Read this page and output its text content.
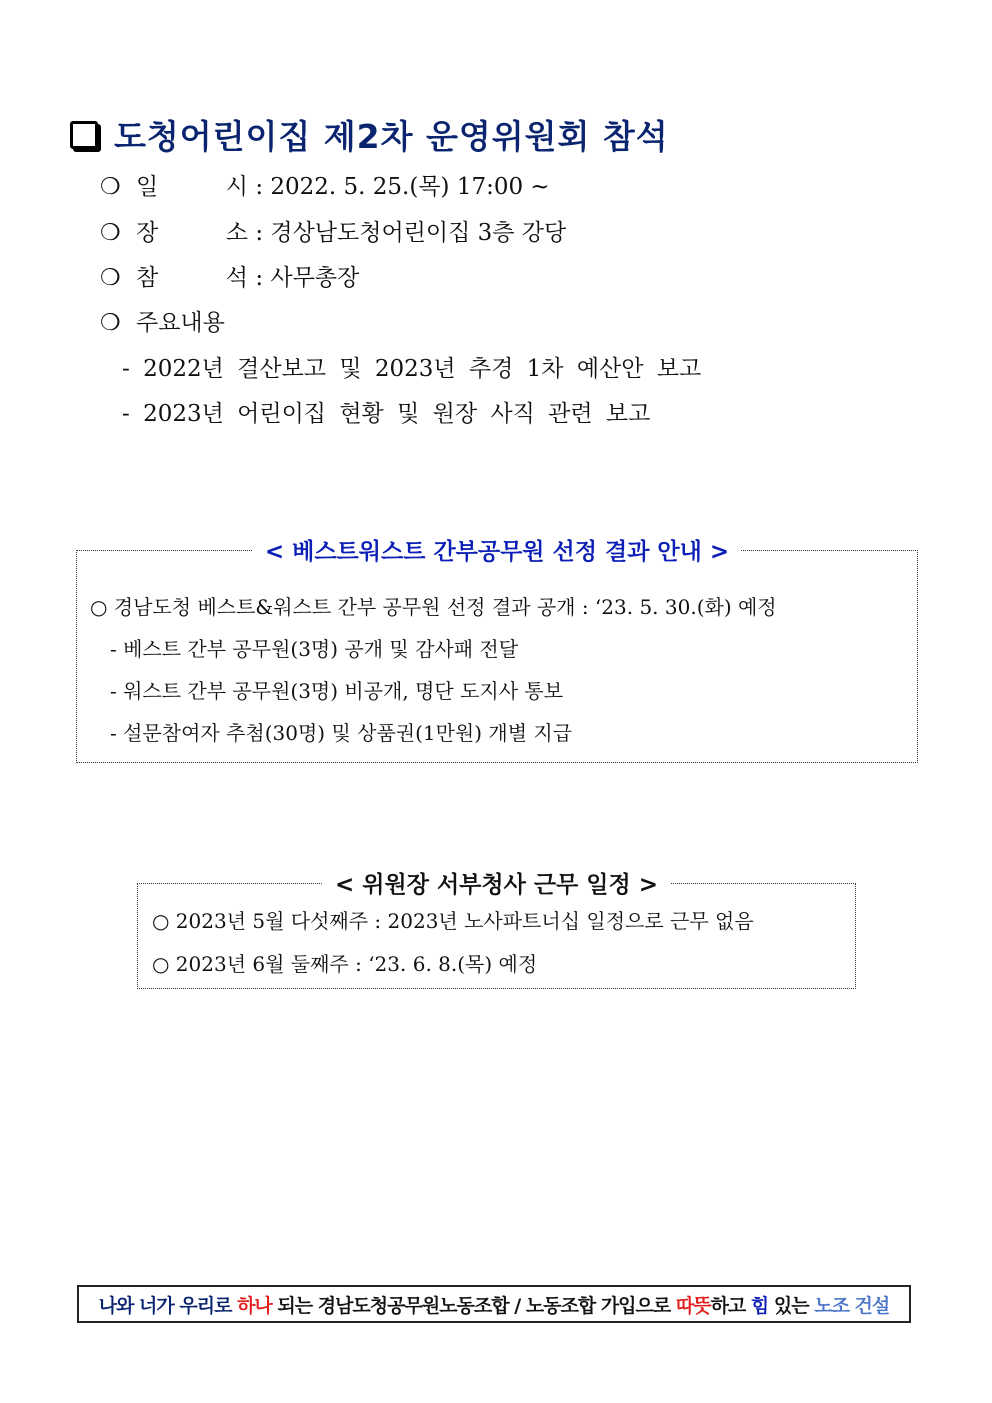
도청어린이집 제2차 운영위원회 참석
❍ 일	시 : 2022. 5. 25.(목) 17:00 ~
❍ 장	소 : 경상남도청어린이집 3층 강당
❍ 참	석 : 사무총장
❍ 주요내용
- 2022년 결산보고 및 2023년 추경 1차 예산안 보고
- 2023년 어린이집 현황 및 원장 사직 관련 보고
< 베스트워스트 간부공무원 선정 결과 안내 >
○ 경남도청 베스트&워스트 간부 공무원 선정 결과 공개 : ‘23. 5. 30.(화) 예정
- 베스트 간부 공무원(3명) 공개 및 감사패 전달
- 워스트 간부 공무원(3명) 비공개, 명단 도지사 통보
- 설문참여자 추첨(30명) 및 상품권(1만원) 개별 지급
< 위원장 서부청사 근무 일정 >
○ 2023년 5월 다섯째주 : 2023년 노사파트너십 일정으로 근무 없음
○ 2023년 6월 둘째주 : ‘23. 6. 8.(목) 예정
나와 너가 우리로 하나 되는 경남도청공무원노동조합 / 노동조합 가입으로 따뜻 하고 힘 있는 노조 건설
